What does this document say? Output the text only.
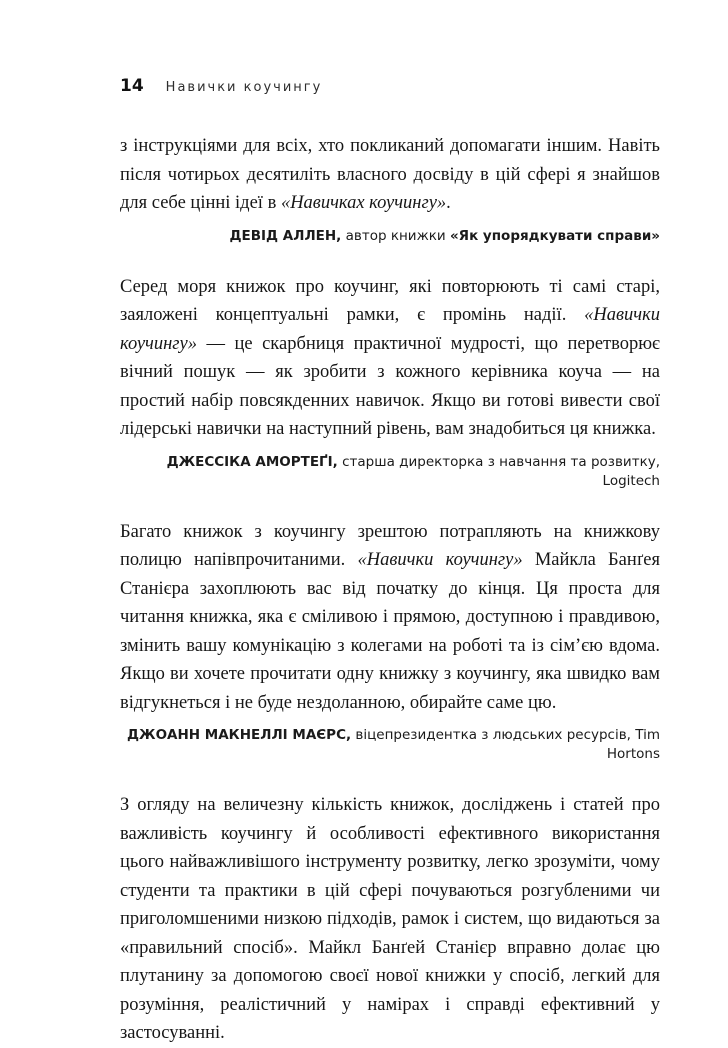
14 Навички коучингу

з інструкціями для всіх, хто покликаний допомагати іншим. Навіть після чотирьох десятиліть власного досвіду в цій сфері я знайшов для себе цінні ідеї в «Навичках коучингу».

ДЕВІД АЛЛЕН, автор книжки «Як упорядкувати справи»

Серед моря книжок про коучинг, які повторюють ті самі старі, заяложені концептуальні рамки, є промінь надії. «Навички коучингу» — це скарбниця практичної мудрості, що перетворює вічний пошук — як зробити з кожного керівника коуча — на простий набір повсякденних навичок. Якщо ви готові вивести свої лідерські навички на наступний рівень, вам знадобиться ця книжка.

ДЖЕССІКА АМОРТЕҐІ, старша директорка з навчання та розвитку, Logitech

Багато книжок з коучингу зрештою потрапляють на книжкову полицю напівпрочитаними. «Навички коучингу» Майкла Банґея Станієра захоплюють вас від початку до кінця. Ця проста для читання книжка, яка є сміливою і прямою, доступною і правдивою, змінить вашу комунікацію з колегами на роботі та із сім’єю вдома. Якщо ви хочете прочитати одну книжку з коучингу, яка швидко вам відгукнеться і не буде нездоланною, обирайте саме цю.

ДЖОАНН МАКНЕЛЛІ МАЄРС, віцепрезидентка з людських ресурсів, Tim Hortons

З огляду на величезну кількість книжок, досліджень і статей про важливість коучингу й особливості ефективного використання цього найважливішого інструменту розвитку, легко зрозуміти, чому студенти та практики в цій сфері почуваються розгубленими чи приголомшеними низкою підходів, рамок і систем, що видаються за «правильний спосіб». Майкл Банґей Станієр вправно долає цю плутанину за допомогою своєї нової книжки у спосіб, легкий для розуміння, реалістичний у намірах і справді ефективний у застосуванні.
